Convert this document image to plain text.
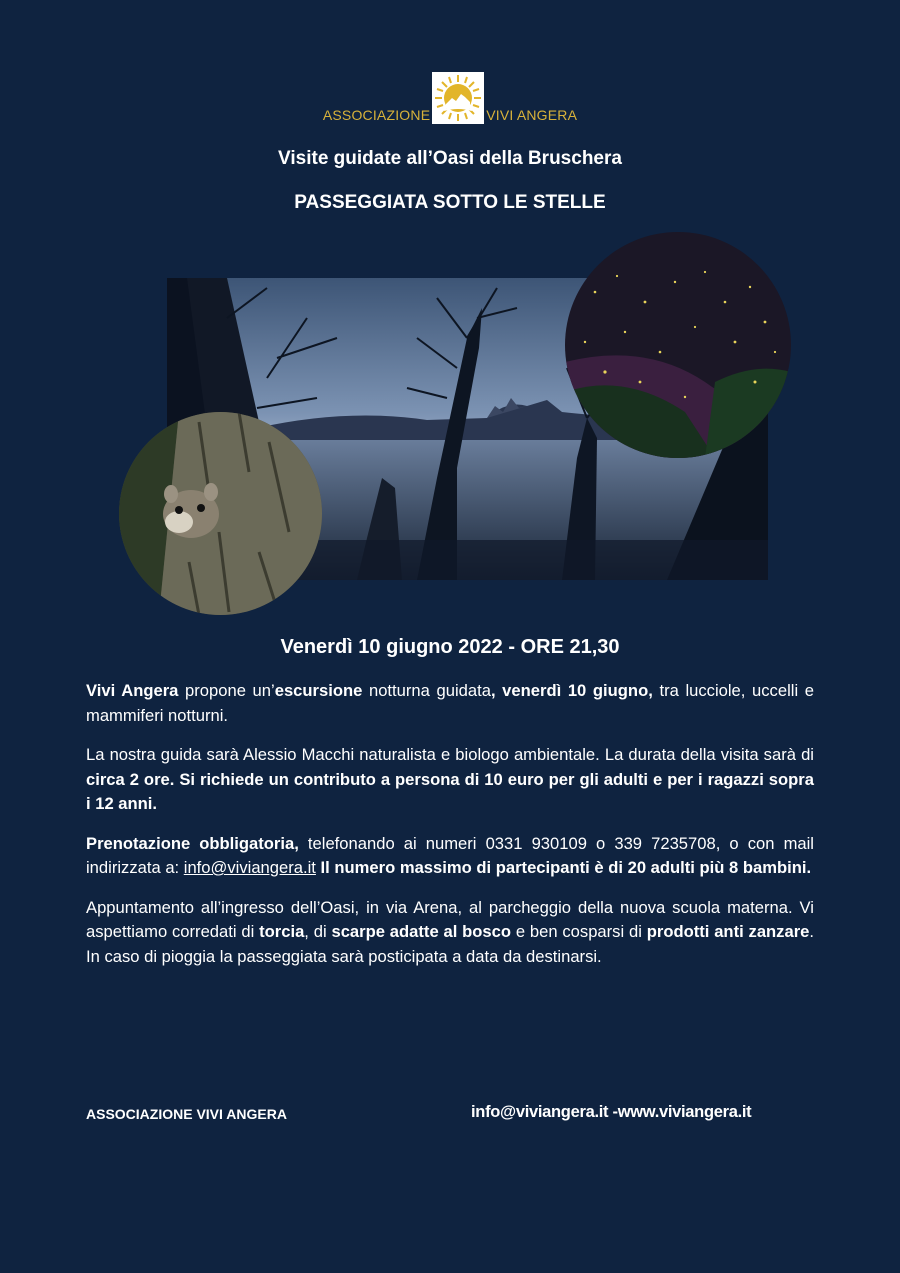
ASSOCIAZIONE	VIVI ANGERA
Visite guidate all’Oasi della Bruschera
PASSEGGIATA SOTTO LE STELLE
Venerdì 10 giugno 2022 - ORE 21,30

Vivi Angera propone un’escursione notturna guidata, venerdì 10 giugno, tra lucciole, uccelli e mammiferi notturni.

La nostra guida sarà Alessio Macchi naturalista e biologo ambientale. La durata della visita sarà di circa 2 ore. Si richiede un contributo a persona di 10 euro per gli adulti e per i ragazzi sopra i 12 anni.

Prenotazione obbligatoria, telefonando ai numeri 0331 930109 o 339 7235708, o con mail indirizzata a: info@viviangera.it Il numero massimo di partecipanti è di 20 adulti più 8 bambini.

Appuntamento all’ingresso dell’Oasi, in via Arena, al parcheggio della nuova scuola materna. Vi aspettiamo corredati di torcia, di scarpe adatte al bosco e ben cosparsi di prodotti anti zanzare. In caso di pioggia la passeggiata sarà posticipata a data da destinarsi.

ASSOCIAZIONE VIVI ANGERA	info@viviangera.it -www.viviangera.it
